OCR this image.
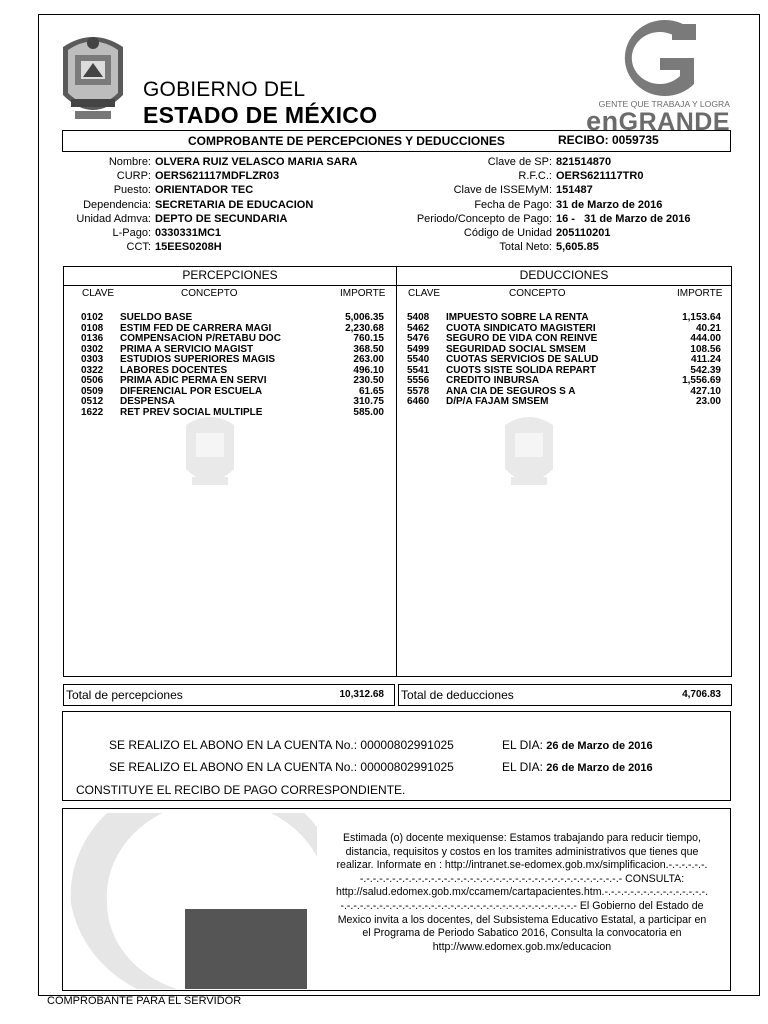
GOBIERNO DEL
ESTADO DE MÉXICO	GENTE QUE TRABAJA Y LOGRA
enGRANDE
COMPROBANTE DE PERCEPCIONES Y DEDUCCIONES	RECIBO: 0059735
Nombre: OLVERA RUIZ VELASCO MARIA SARA
CURP: OERS621117MDFLZR03
Puesto: ORIENTADOR TEC
Dependencia: SECRETARIA DE EDUCACION
Unidad Admva: DEPTO DE SECUNDARIA
L-Pago: 0330331MC1
CCT: 15EES0208H
Clave de SP: 821514870
R.F.C.: OERS621117TR0
Clave de ISSEMyM: 151487
Fecha de Pago: 31 de Marzo de 2016
Periodo/Concepto de Pago: 16 -   31 de Marzo de 2016
Código de Unidad 205110201
Total Neto: 5,605.85
PERCEPCIONES
CLAVE	CONCEPTO	IMPORTE
0102 SUELDO BASE	5,006.35
0108 ESTIM FED DE CARRERA MAGI	2,230.68
0136 COMPENSACION P/RETABU DOC	760.15
0302 PRIMA A SERVICIO MAGIST	368.50
0303 ESTUDIOS SUPERIORES MAGIS	263.00
0322 LABORES DOCENTES	496.10
0506 PRIMA ADIC PERMA EN SERVI	230.50
0509 DIFERENCIAL POR ESCUELA	61.65
0512 DESPENSA	310.75
1622 RET PREV SOCIAL MULTIPLE	585.00
DEDUCCIONES
CLAVE	CONCEPTO	IMPORTE
5408 IMPUESTO SOBRE LA RENTA	1,153.64
5462 CUOTA SINDICATO MAGISTERI	40.21
5476 SEGURO DE VIDA CON REINVE	444.00
5499 SEGURIDAD SOCIAL SMSEM	108.56
5540 CUOTAS SERVICIOS DE SALUD	411.24
5541 CUOTS SISTE SOLIDA REPART	542.39
5556 CREDITO INBURSA	1,556.69
5578 ANA CIA DE SEGUROS S A	427.10
6460 D/P/A FAJAM SMSEM	23.00
Total de percepciones	10,312.68 Total de deducciones	4,706.83
SE REALIZO EL ABONO EN LA CUENTA No.: 00000802991025	EL DIA: 26 de Marzo de 2016
SE REALIZO EL ABONO EN LA CUENTA No.: 00000802991025	EL DIA: 26 de Marzo de 2016
CONSTITUYE EL RECIBO DE PAGO CORRESPONDIENTE.
Estimada (o) docente mexiquense: Estamos trabajando para reducir tiempo,
distancia, requisitos y costos en los tramites administrativos que tienes que
realizar. Informate en : http://intranet.se-edomex.gob.mx/simplificacion.-.-.-.-.-.-.
-.-.-.-.-.-.-.-.-.-.-.-.-.-.-.-.-.-.-.-.-.-.-.-.-.-.-.-.-.-.-.-.-.-.-.-.-.-.-.-.- CONSULTA:
http://salud.edomex.gob.mx/ccamem/cartapacientes.htm.-.-.-.-.-.-.-.-.-.-.-.-.-.-.-.-.
-.-.-.-.-.-.-.-.-.-.-.-.-.-.-.-.-.-.-.-.-.-.-.-.-.-.-.-.-.-.-.-.-.-.-.-.- El Gobierno del Estado de
Mexico invita a los docentes, del Subsistema Educativo Estatal, a participar en
el Programa de Periodo Sabatico 2016, Consulta la convocatoria en
http://www.edomex.gob.mx/educacion
COMPROBANTE PARA EL SERVIDOR
